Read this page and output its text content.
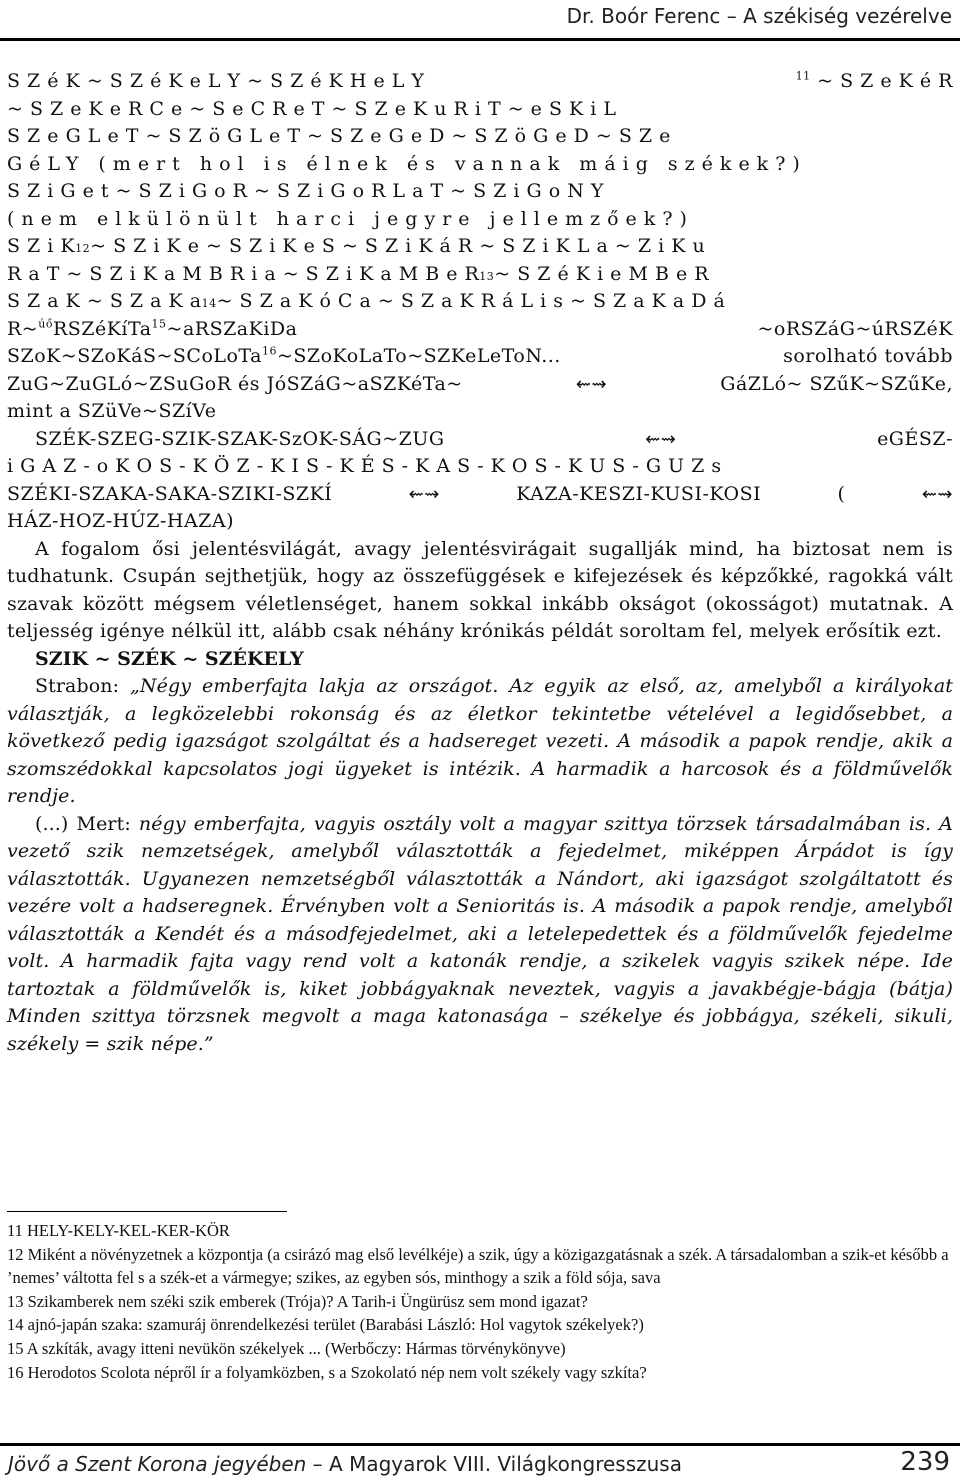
Dr. Boór Ferenc – A székiség vezérelve
S Z é K ~ S Z é K e L Y ~ S Z é K H e L Y	$^{11}$ ~ S Z e K é R
~ S Z e K e R C e ~ S e C R e T ~ S Z e K u R i T ~ e S K i L
S Z e G L e T ~ S Z ö G L e T ~ S Z e G e D ~ S Z ö G e D ~ S Z e
GéLY (mert hol is élnek és vannak máig székek?)
S Z i G e t ~ S Z i G o R ~ S Z i G o R L a T ~ S Z i G o N Y
(nem elkülönült harci jegyre jellemzőek?)
S Z i K 12 ~ S Z i K e ~ S Z i K e S ~ S Z i K á R ~ S Z i K L a ~ Z i K u
R a T ~ S Z i K a M B R i a ~ S Z i K a M B e R 13 ~ S Z é K i e M B e R
S Z a K ~ S Z a K a 14 ~ S Z a K ó C a ~ S Z a K R á L i s ~ S Z a K a D á
R~$^{úő}$RSZéKíTa$^{15}$~aRSZaKiDa	~oRSZáG~úRSZéK
SZoK~SZoKáS~SCoLoTa$^{16}$~SZoKoLaTo~SZKeLeToN...	sorolható tovább
ZuG~ZuGLó~ZSuGoR és JóSZáG~aSZKéTa~	⇜⇝	GáZLó~ SZűK~SZűKe,
mint a SZüVe~SZíVe
SZÉK-SZEG-SZIK-SZAK-SzOK-SÁG~ZUG	⇜⇝	eGÉSZ-
i G A Z - o K O S - K Ö Z - K I S - K É S - K A S - K O S - K U S - G U Z s
SZÉKI-SZAKA-SAKA-SZIKI-SZKÍ	⇜⇝	KAZA-KESZI-KUSI-KOSI	(	⇜⇝
HÁZ-HOZ-HÚZ-HAZA)

A fogalom ősi jelentésvilágát, avagy jelentésvirágait sugallják mind, ha biztosat nem is tudhatunk. Csupán sejthetjük, hogy az összefüggések e kifejezések és képzőkké, ragokká vált szavak között mégsem véletlenséget, hanem sokkal inkább okságot (okosságot) mutatnak. A teljesség igénye nélkül itt, alább csak néhány krónikás példát soroltam fel, melyek erősítik ezt.

SZIK ~ SZÉK ~ SZÉKELY

Strabon: „Négy emberfajta lakja az országot. Az egyik az első, az, amelyből a királyokat választják, a legközelebbi rokonság és az életkor tekintetbe vételével a legidősebbet, a következő pedig igazságot szolgáltat és a hadsereget vezeti. A második a papok rendje, akik a szomszédokkal kapcsolatos jogi ügyeket is intézik. A harmadik a harcosok és a földművelők rendje.

(...) Mert: négy emberfajta, vagyis osztály volt a magyar szittya törzsek társadalmában is. A vezető szik nemzetségek, amelyből választották a fejedelmet, miképpen Árpádot is így választották. Ugyanezen nemzetségből választották a Nándort, aki igazságot szolgáltatott és vezére volt a hadseregnek. Érvényben volt a Senioritás is. A második a papok rendje, amelyből választották a Kendét és a másodfejedelmet, aki a letelepedettek és a földművelők fejedelme volt. A harmadik fajta vagy rend volt a katonák rendje, a szikelek vagyis szikek népe. Ide tartoztak a földművelők is, kiket jobbágyaknak neveztek, vagyis a javakbégje-bágja (bátja) Minden szittya törzsnek megvolt a maga katonasága – székelye és jobbágya, székeli, sikuli, székely = szik népe.”

11 HELY-KELY-KEL-KER-KÖR

12 Miként a növényzetnek a központja (a csirázó mag első levélkéje) a szik, úgy a közigazgatásnak a szék. A társadalomban a szik-et később a ’nemes’ váltotta fel s a szék-et a vármegye; szikes, az egyben sós, minthogy a szik a föld sója, sava

13 Szikamberek nem széki szik emberek (Trója)? A Tarih-i Üngürüsz sem mond igazat?

14 ajnó-japán szaka: szamuráj önrendelkezési terület (Barabási László: Hol vagytok székelyek?)

15 A szkíták, avagy itteni nevükön székelyek ... (Werbőczy: Hármas törvénykönyve)

16 Herodotos Scolota népről ír a folyamközben, s a Szokolató nép nem volt székely vagy szkíta?

Jövő a Szent Korona jegyében – A Magyarok VIII. Világkongresszusa	239
